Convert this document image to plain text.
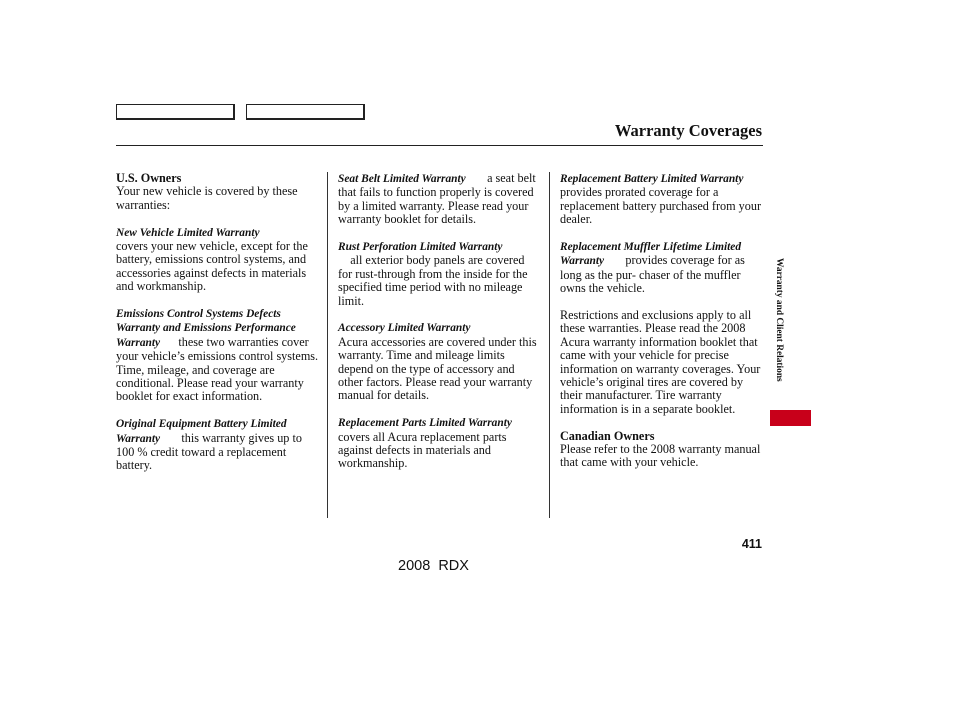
Warranty Coverages
U.S. Owners
Your new vehicle is covered by these warranties:
New Vehicle Limited Warranty
covers your new vehicle, except for the battery, emissions control systems, and accessories against defects in materials and workmanship.
Emissions Control Systems Defects Warranty and Emissions Performance Warranty these two warranties cover your vehicle’s emissions control systems. Time, mileage, and coverage are conditional. Please read your warranty booklet for exact information.
Original Equipment Battery Limited Warranty this warranty gives up to 100 % credit toward a replacement battery.
Seat Belt Limited Warranty a seat belt that fails to function properly is covered by a limited warranty. Please read your warranty booklet for details.
Rust Perforation Limited Warranty
all exterior body panels are covered for rust-through from the inside for the specified time period with no mileage limit.
Accessory Limited Warranty
Acura accessories are covered under this warranty. Time and mileage limits depend on the type of accessory and other factors. Please read your warranty manual for details.
Replacement Parts Limited Warranty       covers all Acura replacement parts against defects in materials and workmanship.
Replacement Battery Limited Warranty       provides prorated coverage for a replacement battery purchased from your dealer.
Replacement Muffler Lifetime Limited Warranty provides coverage for as long as the pur- chaser of the muffler owns the vehicle.
Restrictions and exclusions apply to all these warranties. Please read the 2008 Acura warranty information booklet that came with your vehicle for precise information on warranty coverages. Your vehicle’s original tires are covered by their manufacturer. Tire warranty information is in a separate booklet.
Canadian Owners
Please refer to the 2008 warranty manual that came with your vehicle.
Warranty and Client Relations
411
2008  RDX
